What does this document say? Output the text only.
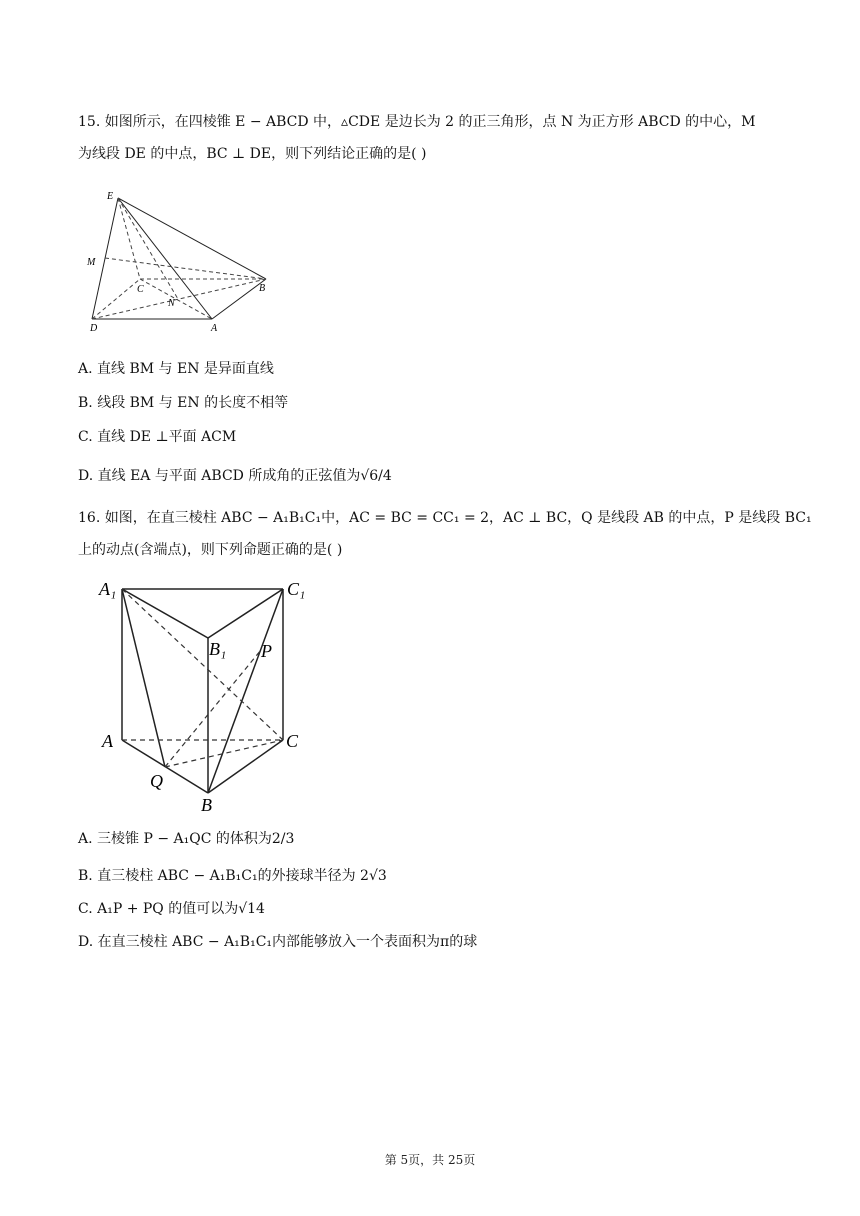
15. 如图所示，在四棱锥 E − ABCD 中，▵CDE 是边长为 2 的正三角形，点 N 为正方形 ABCD 的中心，M
为线段 DE 的中点，BC ⊥ DE，则下列结论正确的是( )
E
M
C
N
B
D	A
A. 直线 BM 与 EN 是异面直线
B. 线段 BM 与 EN 的长度不相等
C. 直线 DE ⊥平面 ACM
D. 直线 EA 与平面 ABCD 所成角的正弦值为√6/4
16. 如图，在直三棱柱 ABC − A₁B₁C₁中，AC = BC = CC₁ = 2，AC ⊥ BC，Q 是线段 AB 的中点，P 是线段 BC₁
上的动点(含端点)，则下列命题正确的是( )
A₁	C₁
B₁ P
A	C
Q
B
A. 三棱锥 P − A₁QC 的体积为2/3
B. 直三棱柱 ABC − A₁B₁C₁的外接球半径为 2√3
C. A₁P + PQ 的值可以为√14
D. 在直三棱柱 ABC − A₁B₁C₁内部能够放入一个表面积为π的球
第 5页，共 25页
